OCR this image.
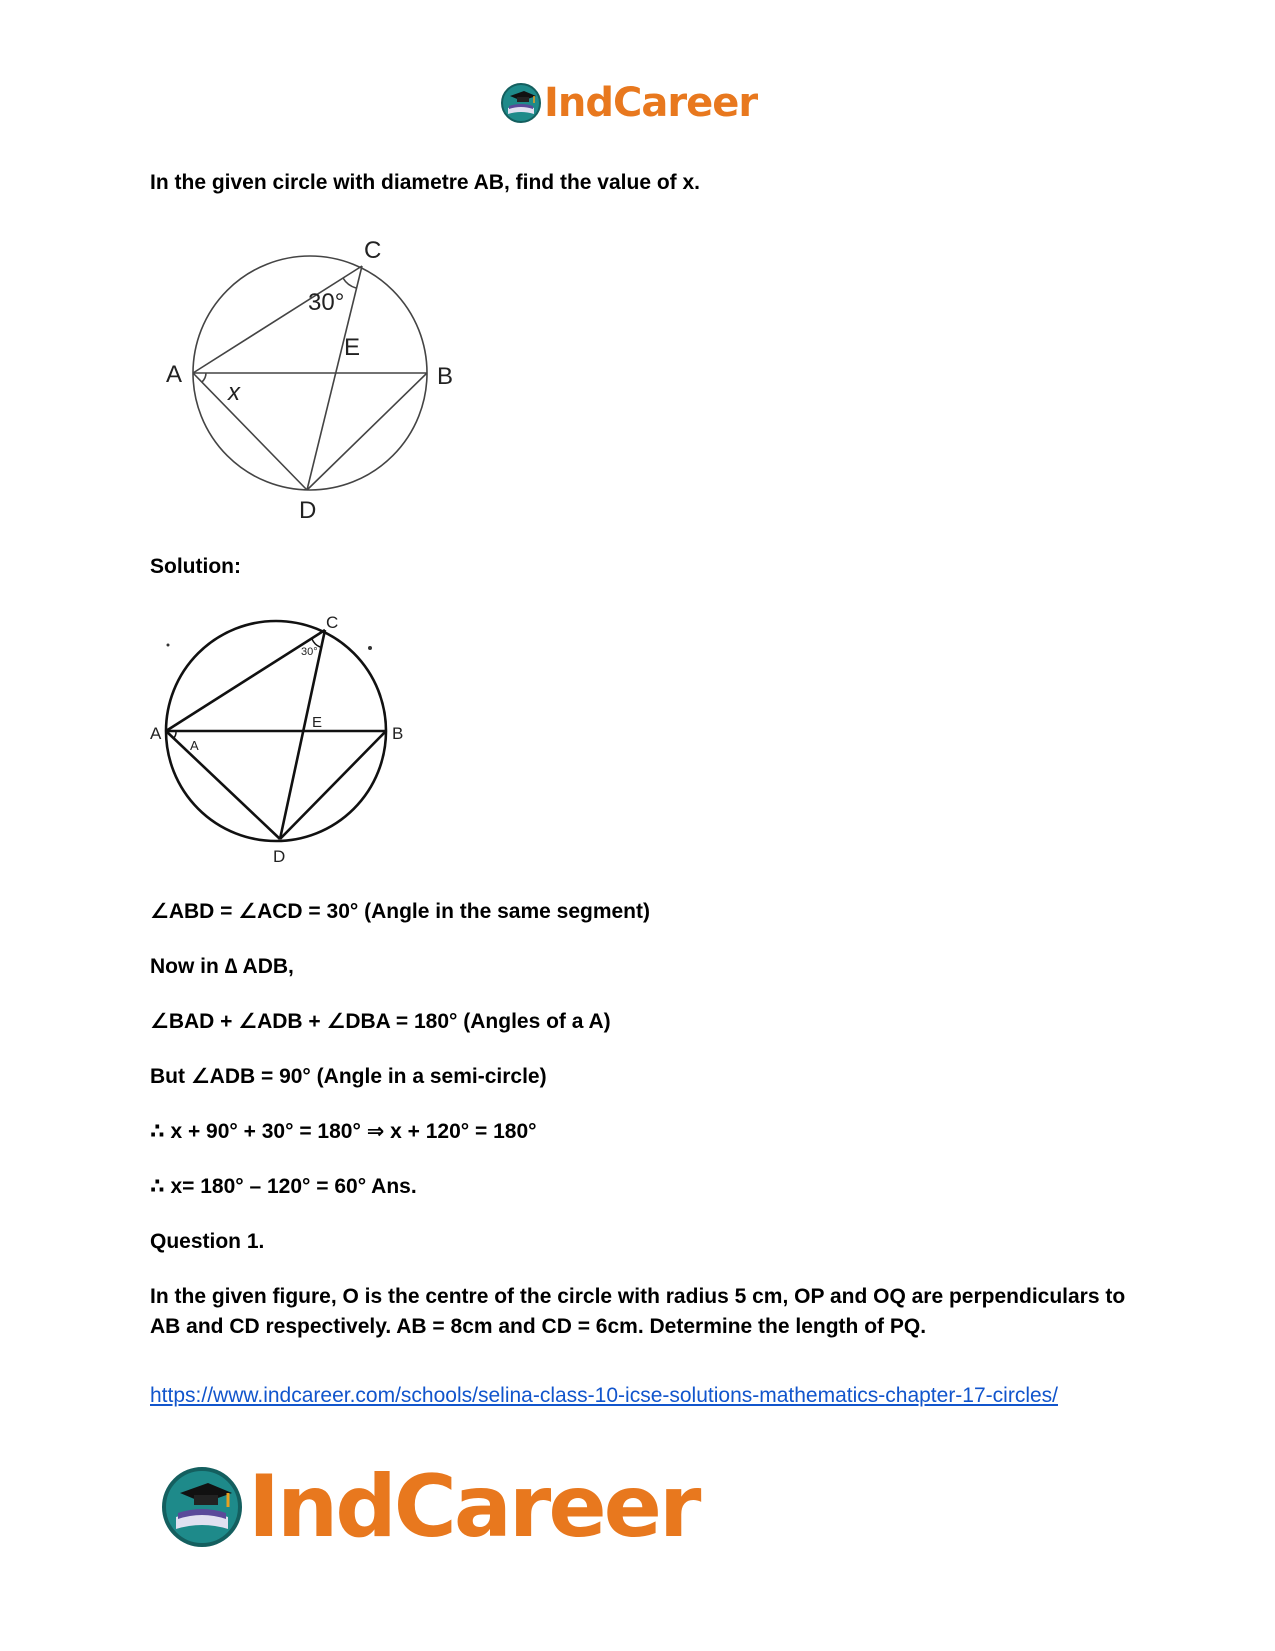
IndCareer
In the given circle with diametre AB, find the value of x.
A	B
C
D
E
30°
x
Solution:
A	B
C
D
E
30°
A
∠ABD = ∠ACD = 30° (Angle in the same segment)
Now in ∆ ADB,
∠BAD + ∠ADB + ∠DBA = 180° (Angles of a A)
But ∠ADB = 90° (Angle in a semi-circle)
∴ x + 90° + 30° = 180° ⇒ x + 120° = 180°
∴ x= 180° – 120° = 60° Ans.
Question 1.
In the given figure, O is the centre of the circle with radius 5 cm, OP and OQ are perpendiculars to AB and CD respectively. AB = 8cm and CD = 6cm. Determine the length of PQ.
https://www.indcareer.com/schools/selina-class-10-icse-solutions-mathematics-chapter-17-circles/
IndCareer
